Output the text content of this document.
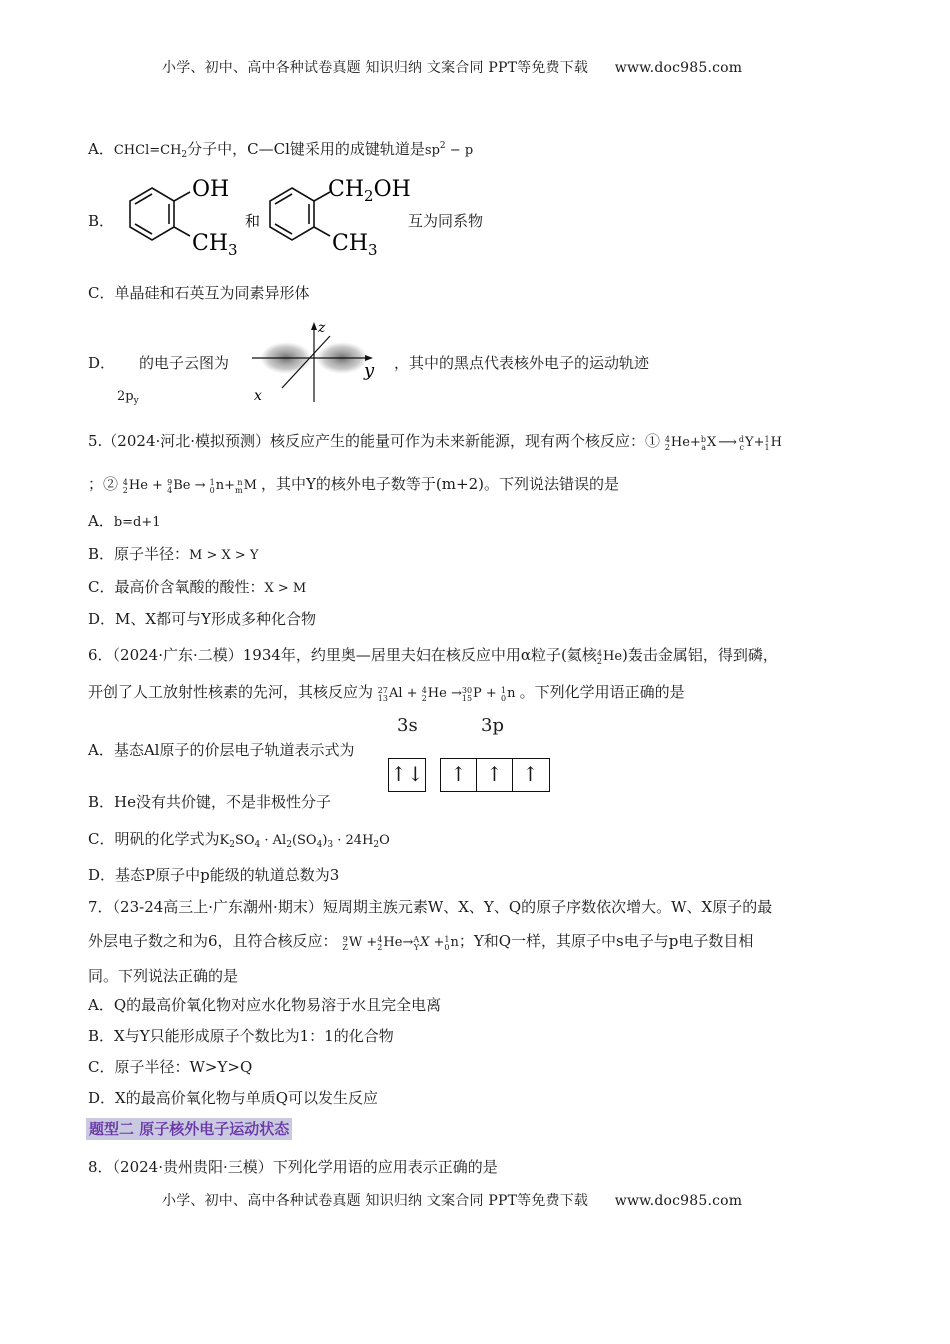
小学、初中、高中各种试卷真题 知识归纳 文案合同 PPT等免费下载 www.doc985.com
A．$CHCl=CH_2$分子中，C—Cl键采用的成键轨道是$sp^2 - p$
B．
OH
$CH_3$
和
$CH_2OH$
$CH_3$
互为同系物
C．单晶硅和石英互为同素异形体
D． 的电子云图为
$2p_y$
z
y
x
，其中的黑点代表核外电子的运动轨迹
5.（2024·河北·模拟预测）核反应产生的能量可作为未来新能源，现有两个核反应：① 4
2 He+ b
a X ⟶ d
c Y+ 1
1 H
；② 4
2 He + 9
4 Be → 1
0 n+ n
m M ，其中Y的核外电子数等于(m+2)。下列说法错误的是
A．b=d+1
B．原子半径：M > X > Y
C．最高价含氧酸的酸性：X > M
D．M、X都可与Y形成多种化合物
6．（2024·广东·二模）1934年，约里奥—居里夫妇在核反应中用α粒子(氦核 4
2 He)轰击金属铝，得到磷，
开创了人工放射性核素的先河，其核反应为 27
13 Al + 4
2 He → 30
15 P + 1
0 n 。下列化学用语正确的是
A．基态Al原子的价层电子轨道表示式为
3s	3p
↑↓	↑ ↑ ↑
B．He没有共价键，不是非极性分子
C．明矾的化学式为$K_2SO_4 \cdot Al_2(SO_4)_3 \cdot 24H_2O$
D．基态P原子中p能级的轨道总数为3
7．（23-24高三上·广东潮州·期末）短周期主族元素W、X、Y、Q的原子序数依次增大。W、X原子的最
外层电子数之和为6，且符合核反应： 9
Z W + 4
2 He→ A
Y X + 1
0 n；Y和Q一样，其原子中s电子与p电子数目相
同。下列说法正确的是
A．Q的最高价氧化物对应水化物易溶于水且完全电离
B．X与Y只能形成原子个数比为1：1的化合物
C．原子半径：W>Y>Q
D．X的最高价氧化物与单质Q可以发生反应
题型二 原子核外电子运动状态
8．（2024·贵州贵阳·三模）下列化学用语的应用表示正确的是
小学、初中、高中各种试卷真题 知识归纳 文案合同 PPT等免费下载 www.doc985.com
